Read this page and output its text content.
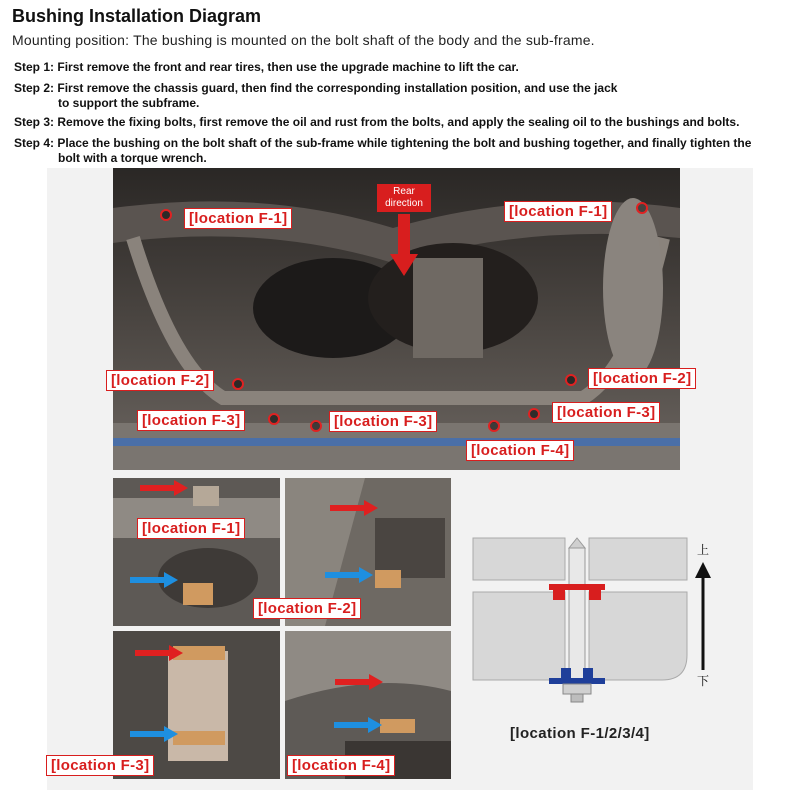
Bushing Installation Diagram
Mounting position: The bushing is mounted on the bolt shaft of the body and the sub-frame.
Step 1: First remove the front and rear tires, then use the upgrade machine to lift the car.
Step 2: First remove the chassis guard, then find the corresponding installation position, and use the jack
to support the subframe.
Step 3: Remove the fixing bolts, first remove the oil and rust from the bolts, and apply the sealing oil to the bushings and bolts.
Step 4: Place the bushing on the bolt shaft of the sub-frame while tightening the bolt and bushing together, and finally tighten the
bolt with a torque wrench.
Rear direction
[location F-1]	[location F-1]
[location F-2]	[location F-2]
[location F-3]	[location F-3]
[location F-3]
[location F-4]
[location F-1]
[location F-2]
[location F-3]	[location F-4]
上
下
[location F-1/2/3/4]
